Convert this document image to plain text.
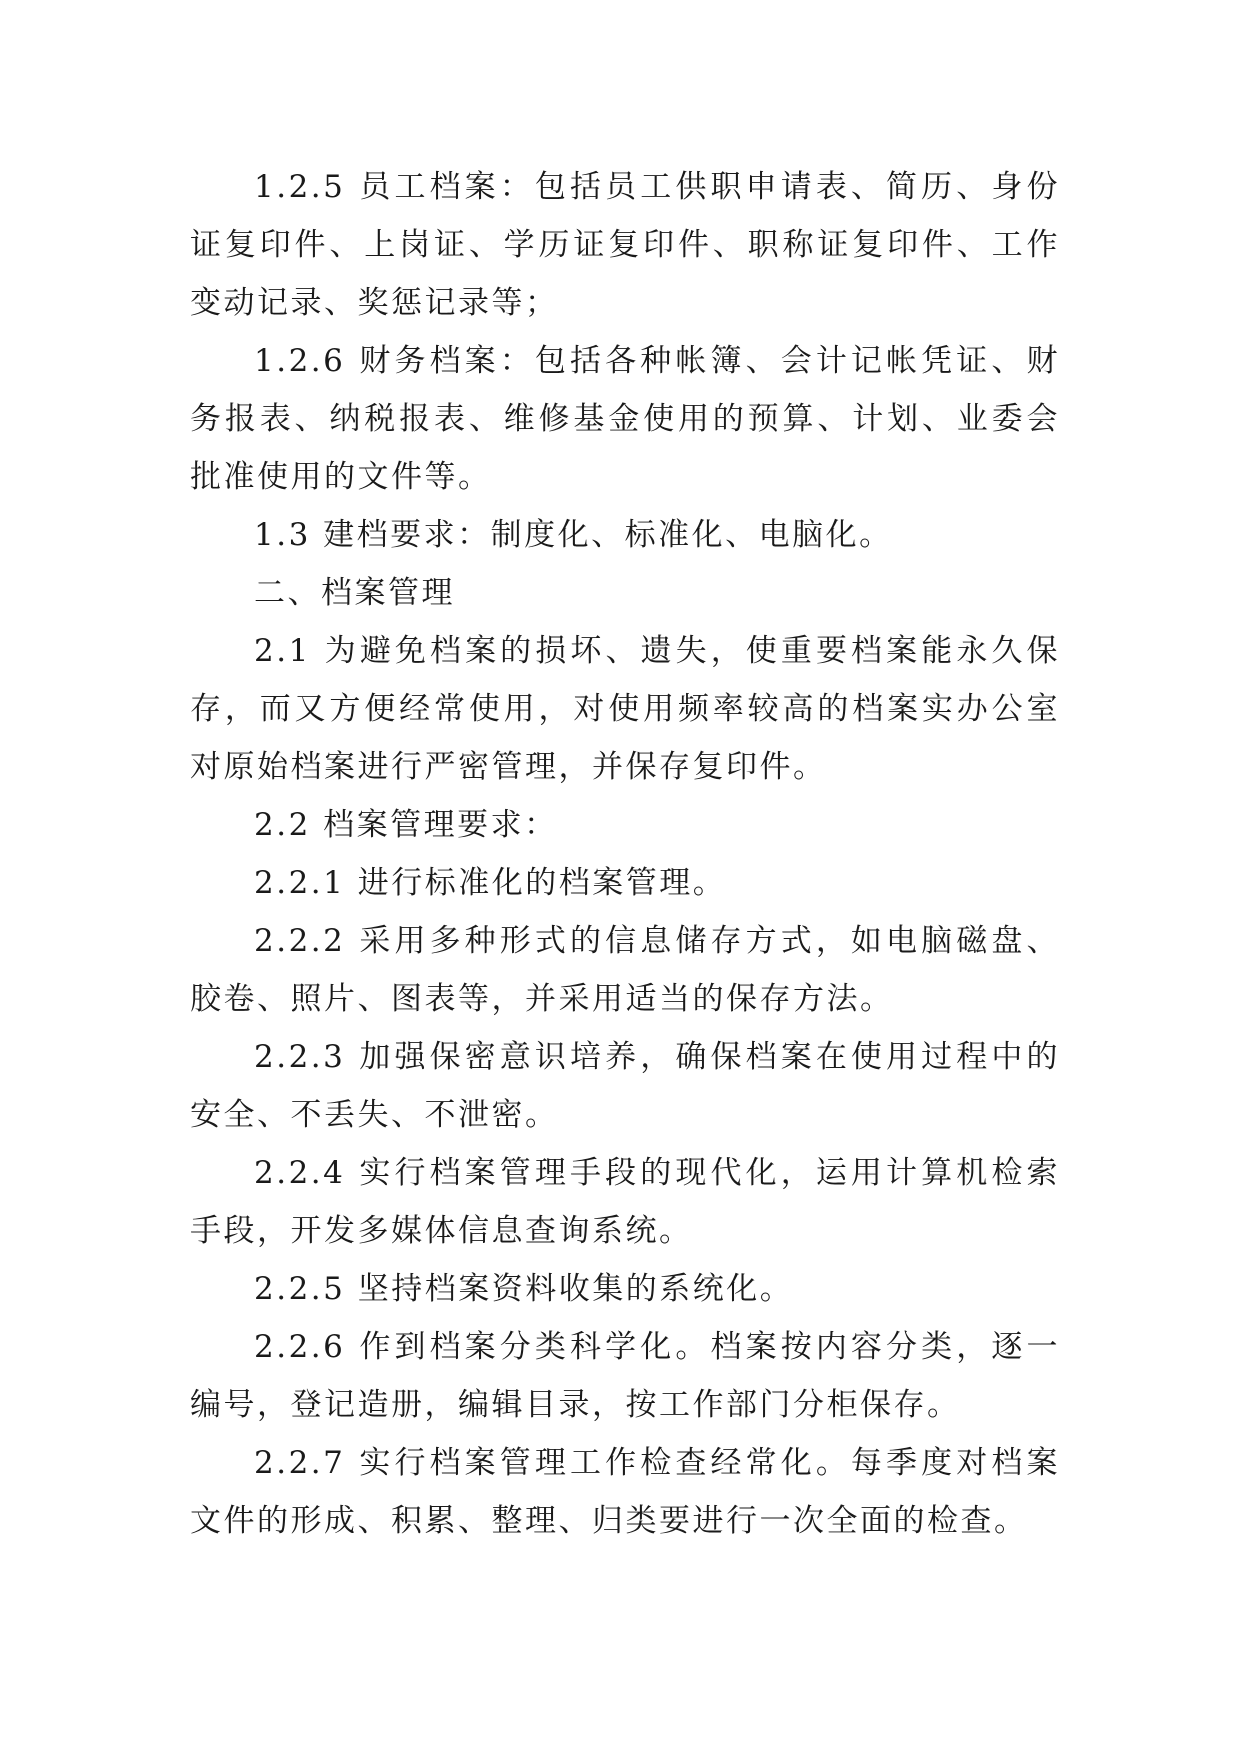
1.2.5 员工档案：包括员工供职申请表、简历、身份证复印件、上岗证、学历证复印件、职称证复印件、工作变动记录、奖惩记录等；

1.2.6 财务档案：包括各种帐簿、会计记帐凭证、财务报表、纳税报表、维修基金使用的预算、计划、业委会批准使用的文件等。

1.3 建档要求：制度化、标准化、电脑化。

二、档案管理

2.1 为避免档案的损坏、遗失，使重要档案能永久保存，而又方便经常使用，对使用频率较高的档案实办公室对原始档案进行严密管理，并保存复印件。

2.2 档案管理要求：

2.2.1 进行标准化的档案管理。

2.2.2 采用多种形式的信息储存方式，如电脑磁盘、胶卷、照片、图表等，并采用适当的保存方法。

2.2.3 加强保密意识培养，确保档案在使用过程中的安全、不丢失、不泄密。

2.2.4 实行档案管理手段的现代化，运用计算机检索手段，开发多媒体信息查询系统。

2.2.5 坚持档案资料收集的系统化。

2.2.6 作到档案分类科学化。档案按内容分类，逐一编号，登记造册，编辑目录，按工作部门分柜保存。

2.2.7 实行档案管理工作检查经常化。每季度对档案文件的形成、积累、整理、归类要进行一次全面的检查。
